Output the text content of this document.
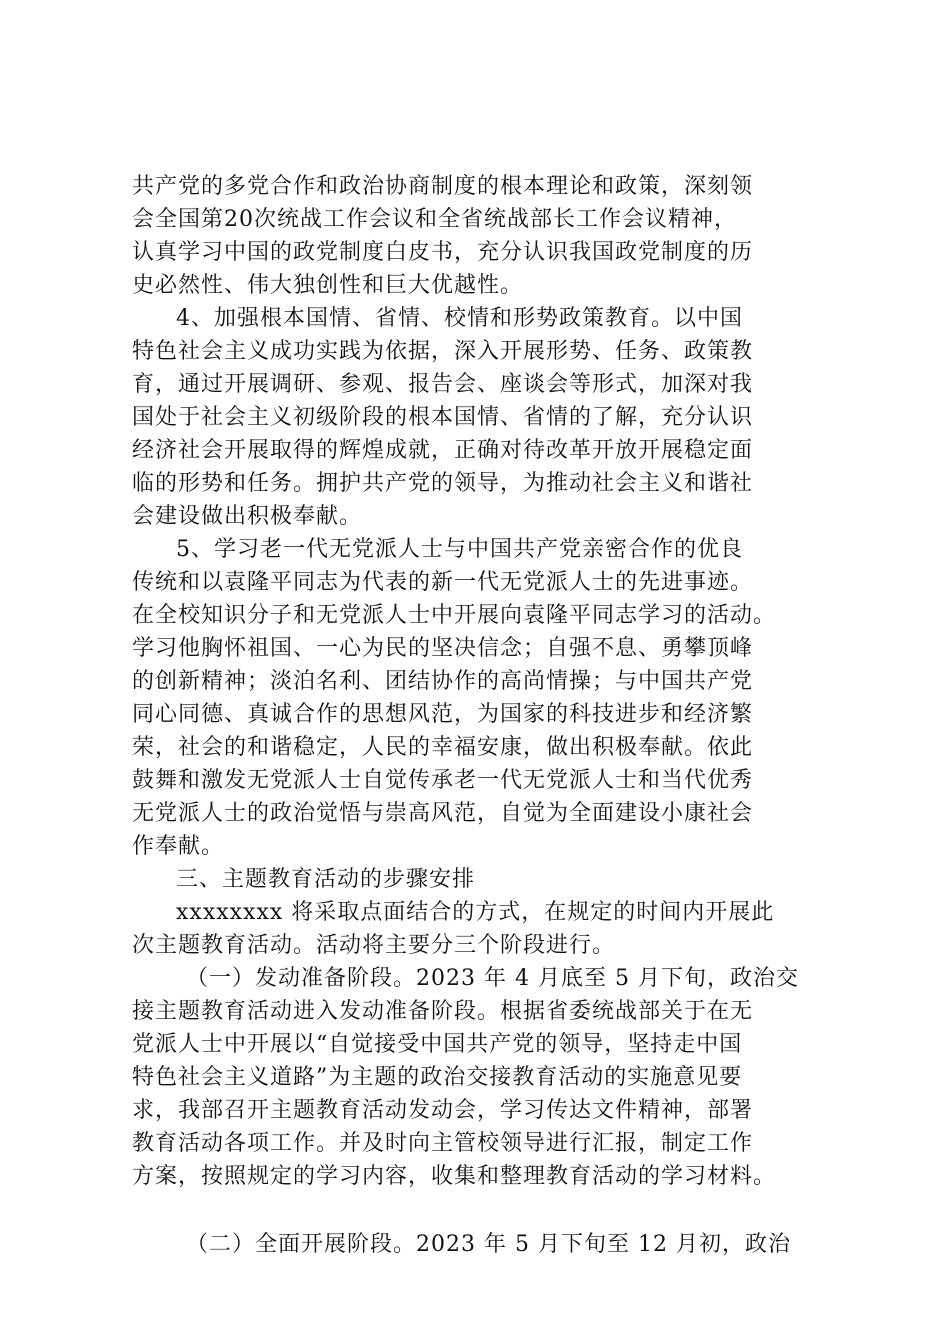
共产党的多党合作和政治协商制度的根本理论和政策，深刻领
会全国第20次统战工作会议和全省统战部长工作会议精神，
认真学习中国的政党制度白皮书，充分认识我国政党制度的历
史必然性、伟大独创性和巨大优越性。
4、加强根本国情、省情、校情和形势政策教育。以中国
特色社会主义成功实践为依据，深入开展形势、任务、政策教
育，通过开展调研、参观、报告会、座谈会等形式，加深对我
国处于社会主义初级阶段的根本国情、省情的了解，充分认识
经济社会开展取得的辉煌成就，正确对待改革开放开展稳定面
临的形势和任务。拥护共产党的领导，为推动社会主义和谐社
会建设做出积极奉献。
5、学习老一代无党派人士与中国共产党亲密合作的优良
传统和以袁隆平同志为代表的新一代无党派人士的先进事迹。
在全校知识分子和无党派人士中开展向袁隆平同志学习的活动。
学习他胸怀祖国、一心为民的坚决信念；自强不息、勇攀顶峰
的创新精神；淡泊名利、团结协作的高尚情操；与中国共产党
同心同德、真诚合作的思想风范，为国家的科技进步和经济繁
荣，社会的和谐稳定，人民的幸福安康，做出积极奉献。依此
鼓舞和激发无党派人士自觉传承老一代无党派人士和当代优秀
无党派人士的政治觉悟与崇高风范，自觉为全面建设小康社会
作奉献。
三、主题教育活动的步骤安排
xxxxxxxx 将采取点面结合的方式，在规定的时间内开展此
次主题教育活动。活动将主要分三个阶段进行。
（一）发动准备阶段。2023 年 4 月底至 5 月下旬，政治交
接主题教育活动进入发动准备阶段。根据省委统战部关于在无
党派人士中开展以“自觉接受中国共产党的领导，坚持走中国
特色社会主义道路”为主题的政治交接教育活动的实施意见要
求，我部召开主题教育活动发动会，学习传达文件精神，部署
教育活动各项工作。并及时向主管校领导进行汇报，制定工作
方案，按照规定的学习内容，收集和整理教育活动的学习材料。
（二）全面开展阶段。2023 年 5 月下旬至 12 月初，政治
